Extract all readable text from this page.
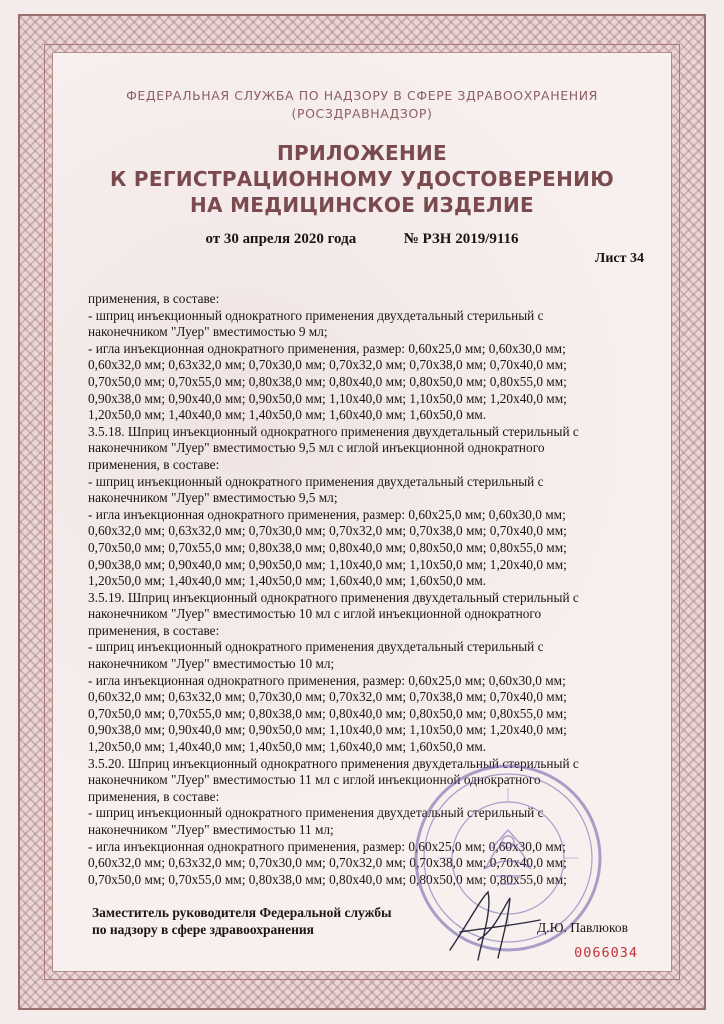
ФЕДЕРАЛЬНАЯ СЛУЖБА ПО НАДЗОРУ В СФЕРЕ ЗДРАВООХРАНЕНИЯ
(РОСЗДРАВНАДЗОР)
ПРИЛОЖЕНИЕ
К РЕГИСТРАЦИОННОМУ УДОСТОВЕРЕНИЮ
НА МЕДИЦИНСКОЕ ИЗДЕЛИЕ
от 30 апреля 2020 года	№ РЗН 2019/9116
Лист 34
применения, в составе:
- шприц инъекционный однократного применения двухдетальный стерильный с
наконечником "Луер" вместимостью 9 мл;
- игла инъекционная однократного применения, размер: 0,60x25,0 мм; 0,60x30,0 мм;
0,60x32,0 мм; 0,63x32,0 мм; 0,70x30,0 мм; 0,70x32,0 мм; 0,70x38,0 мм; 0,70x40,0 мм;
0,70x50,0 мм; 0,70x55,0 мм; 0,80x38,0 мм; 0,80x40,0 мм; 0,80x50,0 мм; 0,80x55,0 мм;
0,90x38,0 мм; 0,90x40,0 мм; 0,90x50,0 мм; 1,10x40,0 мм; 1,10x50,0 мм; 1,20x40,0 мм;
1,20x50,0 мм; 1,40x40,0 мм; 1,40x50,0 мм; 1,60x40,0 мм; 1,60x50,0 мм.
3.5.18. Шприц инъекционный однократного применения двухдетальный стерильный с
наконечником "Луер" вместимостью 9,5 мл с иглой инъекционной однократного
применения, в составе:
- шприц инъекционный однократного применения двухдетальный стерильный с
наконечником "Луер" вместимостью 9,5 мл;
- игла инъекционная однократного применения, размер: 0,60x25,0 мм; 0,60x30,0 мм;
0,60x32,0 мм; 0,63x32,0 мм; 0,70x30,0 мм; 0,70x32,0 мм; 0,70x38,0 мм; 0,70x40,0 мм;
0,70x50,0 мм; 0,70x55,0 мм; 0,80x38,0 мм; 0,80x40,0 мм; 0,80x50,0 мм; 0,80x55,0 мм;
0,90x38,0 мм; 0,90x40,0 мм; 0,90x50,0 мм; 1,10x40,0 мм; 1,10x50,0 мм; 1,20x40,0 мм;
1,20x50,0 мм; 1,40x40,0 мм; 1,40x50,0 мм; 1,60x40,0 мм; 1,60x50,0 мм.
3.5.19. Шприц инъекционный однократного применения двухдетальный стерильный с
наконечником "Луер" вместимостью 10 мл с иглой инъекционной однократного
применения, в составе:
- шприц инъекционный однократного применения двухдетальный стерильный с
наконечником "Луер" вместимостью 10 мл;
- игла инъекционная однократного применения, размер: 0,60x25,0 мм; 0,60x30,0 мм;
0,60x32,0 мм; 0,63x32,0 мм; 0,70x30,0 мм; 0,70x32,0 мм; 0,70x38,0 мм; 0,70x40,0 мм;
0,70x50,0 мм; 0,70x55,0 мм; 0,80x38,0 мм; 0,80x40,0 мм; 0,80x50,0 мм; 0,80x55,0 мм;
0,90x38,0 мм; 0,90x40,0 мм; 0,90x50,0 мм; 1,10x40,0 мм; 1,10x50,0 мм; 1,20x40,0 мм;
1,20x50,0 мм; 1,40x40,0 мм; 1,40x50,0 мм; 1,60x40,0 мм; 1,60x50,0 мм.
3.5.20. Шприц инъекционный однократного применения двухдетальный стерильный с
наконечником "Луер" вместимостью 11 мл с иглой инъекционной однократного
применения, в составе:
- шприц инъекционный однократного применения двухдетальный стерильный с
наконечником "Луер" вместимостью 11 мл;
- игла инъекционная однократного применения, размер: 0,60x25,0 мм; 0,60x30,0 мм;
0,60x32,0 мм; 0,63x32,0 мм; 0,70x30,0 мм; 0,70x32,0 мм; 0,70x38,0 мм; 0,70x40,0 мм;
0,70x50,0 мм; 0,70x55,0 мм; 0,80x38,0 мм; 0,80x40,0 мм; 0,80x50,0 мм; 0,80x55,0 мм;
Заместитель руководителя Федеральной службы
по надзору в сфере здравоохранения	Д.Ю. Павлюков
0066034
